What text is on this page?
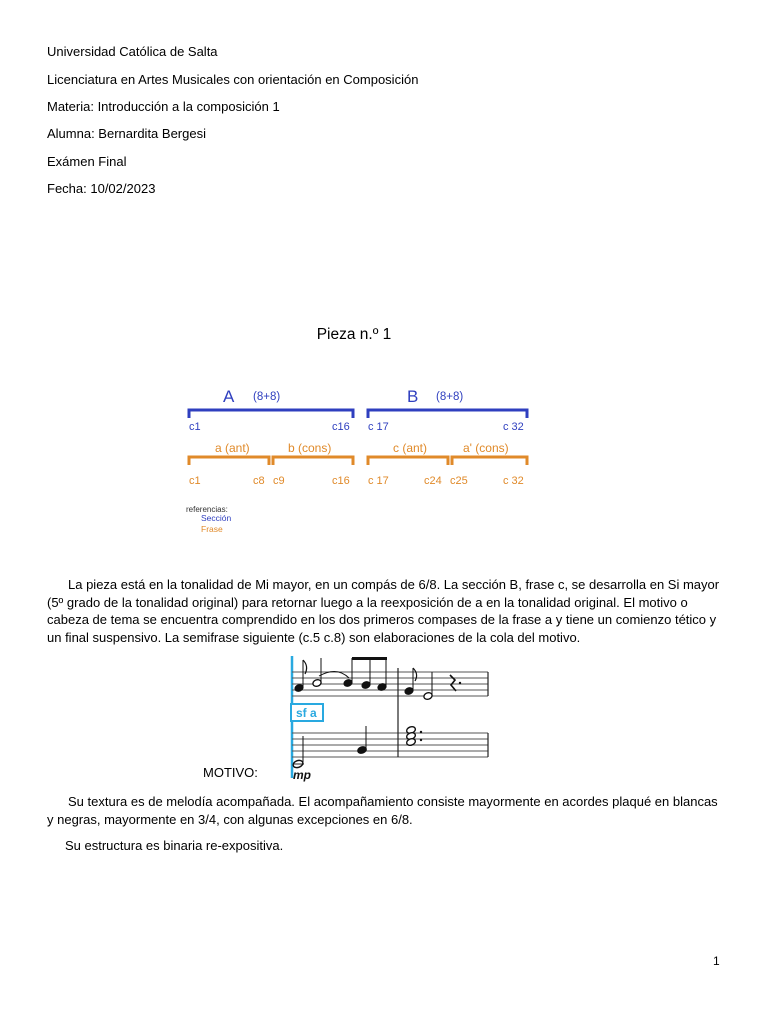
Universidad Católica de Salta
Licenciatura en Artes Musicales con orientación en Composición
Materia: Introducción a la composición 1
Alumna: Bernardita Bergesi
Exámen Final
Fecha: 10/02/2023
Pieza n.º 1
A (8+8)	B (8+8)
c1	c16 c 17	c 32
a (ant)	b (cons)	c (ant)	a' (cons)
c1	c8 c9	c16 c 17	c24 c25	c 32
referencias:
Sección
Frase
La pieza está en la tonalidad de Mi mayor, en un compás de 6/8. La sección B, frase c, se desarrolla en Si mayor (5º grado de la tonalidad original) para retornar luego a la reexposición de a en la tonalidad original. El motivo o cabeza de tema se encuentra comprendido en los dos primeros compases de la frase a y tiene un comienzo tético y un final suspensivo. La semifrase siguiente (c.5 c.8) son elaboraciones de la cola del motivo.
sf a
mp
MOTIVO:
Su textura es de melodía acompañada. El acompañamiento consiste mayormente en acordes plaqué en blancas y negras, mayormente en 3/4, con algunas excepciones en 6/8.
Su estructura es binaria re-expositiva.
1
